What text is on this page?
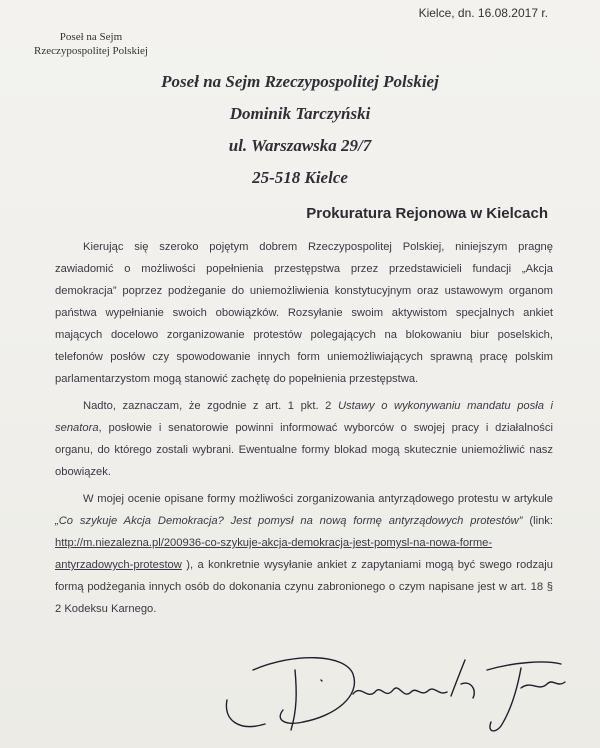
Kielce, dn. 16.08.2017 r.
Poseł na Sejm
Rzeczypospolitej Polskiej
Poseł na Sejm Rzeczypospolitej Polskiej
Dominik Tarczyński
ul. Warszawska 29/7
25-518 Kielce
Prokuratura Rejonowa w Kielcach

Kierując się szeroko pojętym dobrem Rzeczypospolitej Polskiej, niniejszym pragnę zawiadomić o możliwości popełnienia przestępstwa przez przedstawicieli fundacji „Akcja demokracja” poprzez podżeganie do uniemożliwienia konstytucyjnym oraz ustawowym organom państwa wypełnianie swoich obowiązków. Rozsyłanie swoim aktywistom specjalnych ankiet mających docelowo zorganizowanie protestów polegających na blokowaniu biur poselskich, telefonów posłów czy spowodowanie innych form uniemożliwiających sprawną pracę polskim parlamentarzystom mogą stanowić zachętę do popełnienia przestępstwa.

Nadto, zaznaczam, że zgodnie z art. 1 pkt. 2 Ustawy o wykonywaniu mandatu posła i senatora, posłowie i senatorowie powinni informować wyborców o swojej pracy i działalności organu, do którego zostali wybrani. Ewentualne formy blokad mogą skutecznie uniemożliwić nasz obowiązek.

W mojej ocenie opisane formy możliwości zorganizowania antyrządowego protestu w artykule „Co szykuje Akcja Demokracja? Jest pomysł na nową formę antyrządowych protestów” (link: http://m.niezalezna.pl/200936-co-szykuje-akcja-demokracja-jest-pomysl-na-nowa-forme-antyrzadowych-protestow ), a konkretnie wysyłanie ankiet z zapytaniami mogą być swego rodzaju formą podżegania innych osób do dokonania czynu zabronionego o czym napisane jest w art. 18 § 2 Kodeksu Karnego.
